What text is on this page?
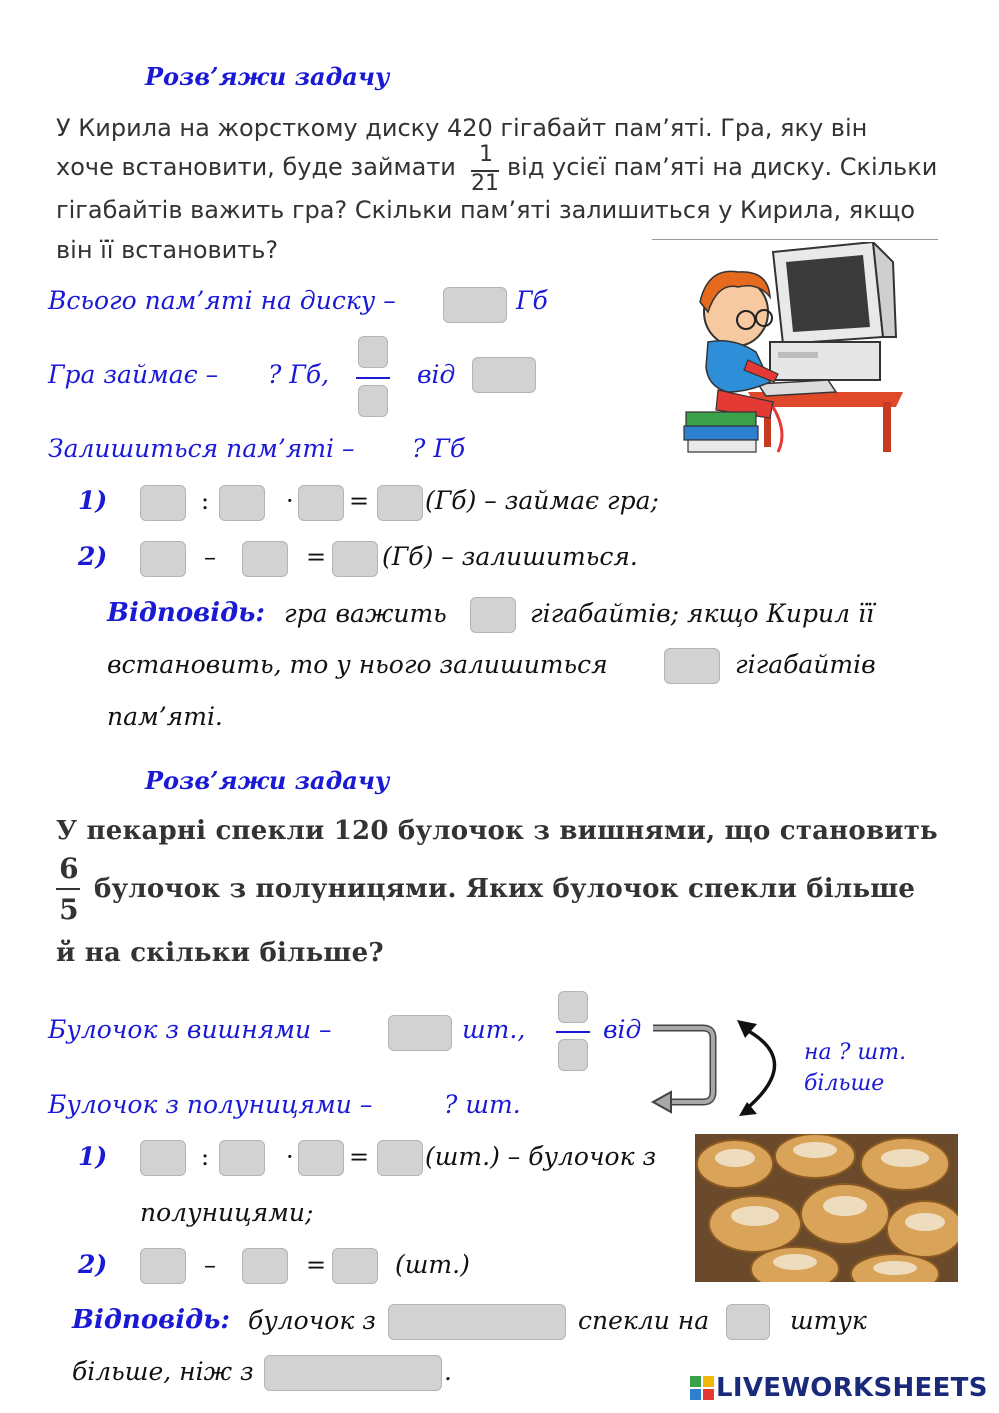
Розв’яжи задачу
У Кирила на жорсткому диску 420 гігабайт пам’яті. Гра, яку він
хоче встановити, буде займати	1
21
від усієї пам’яті на диску. Скільки
гігабайтів важить гра? Скільки пам’яті залишиться у Кирила, якщо
він її встановить?
Всього пам’яті на диску –	Гб
Гра займає – ? Гб,	від
Залишиться пам’яті – ? Гб
1)	:	· = (Гб) – займає гра;
2)	–	= (Гб) – залишиться.
Відповідь: гра важить	гігабайтів; якщо Кирил її
встановить, то у нього залишиться	гігабайтів
пам’яті.
Розв’яжи задачу
У пекарні спекли 120 булочок з вишнями, що становить
6
5
булочок з полуницями. Яких булочок спекли більше
й на скільки більше?
Булочок з вишнями –	шт.,	від
на ? шт.
більше
Булочок з полуницями –	? шт.
1)	:	· = (шт.) – булочок з
полуницями;
2)	–	=	(шт.)
Відповідь: булочок з	спекли на	штук
більше, ніж з	.
LIVEWORKSHEETS
